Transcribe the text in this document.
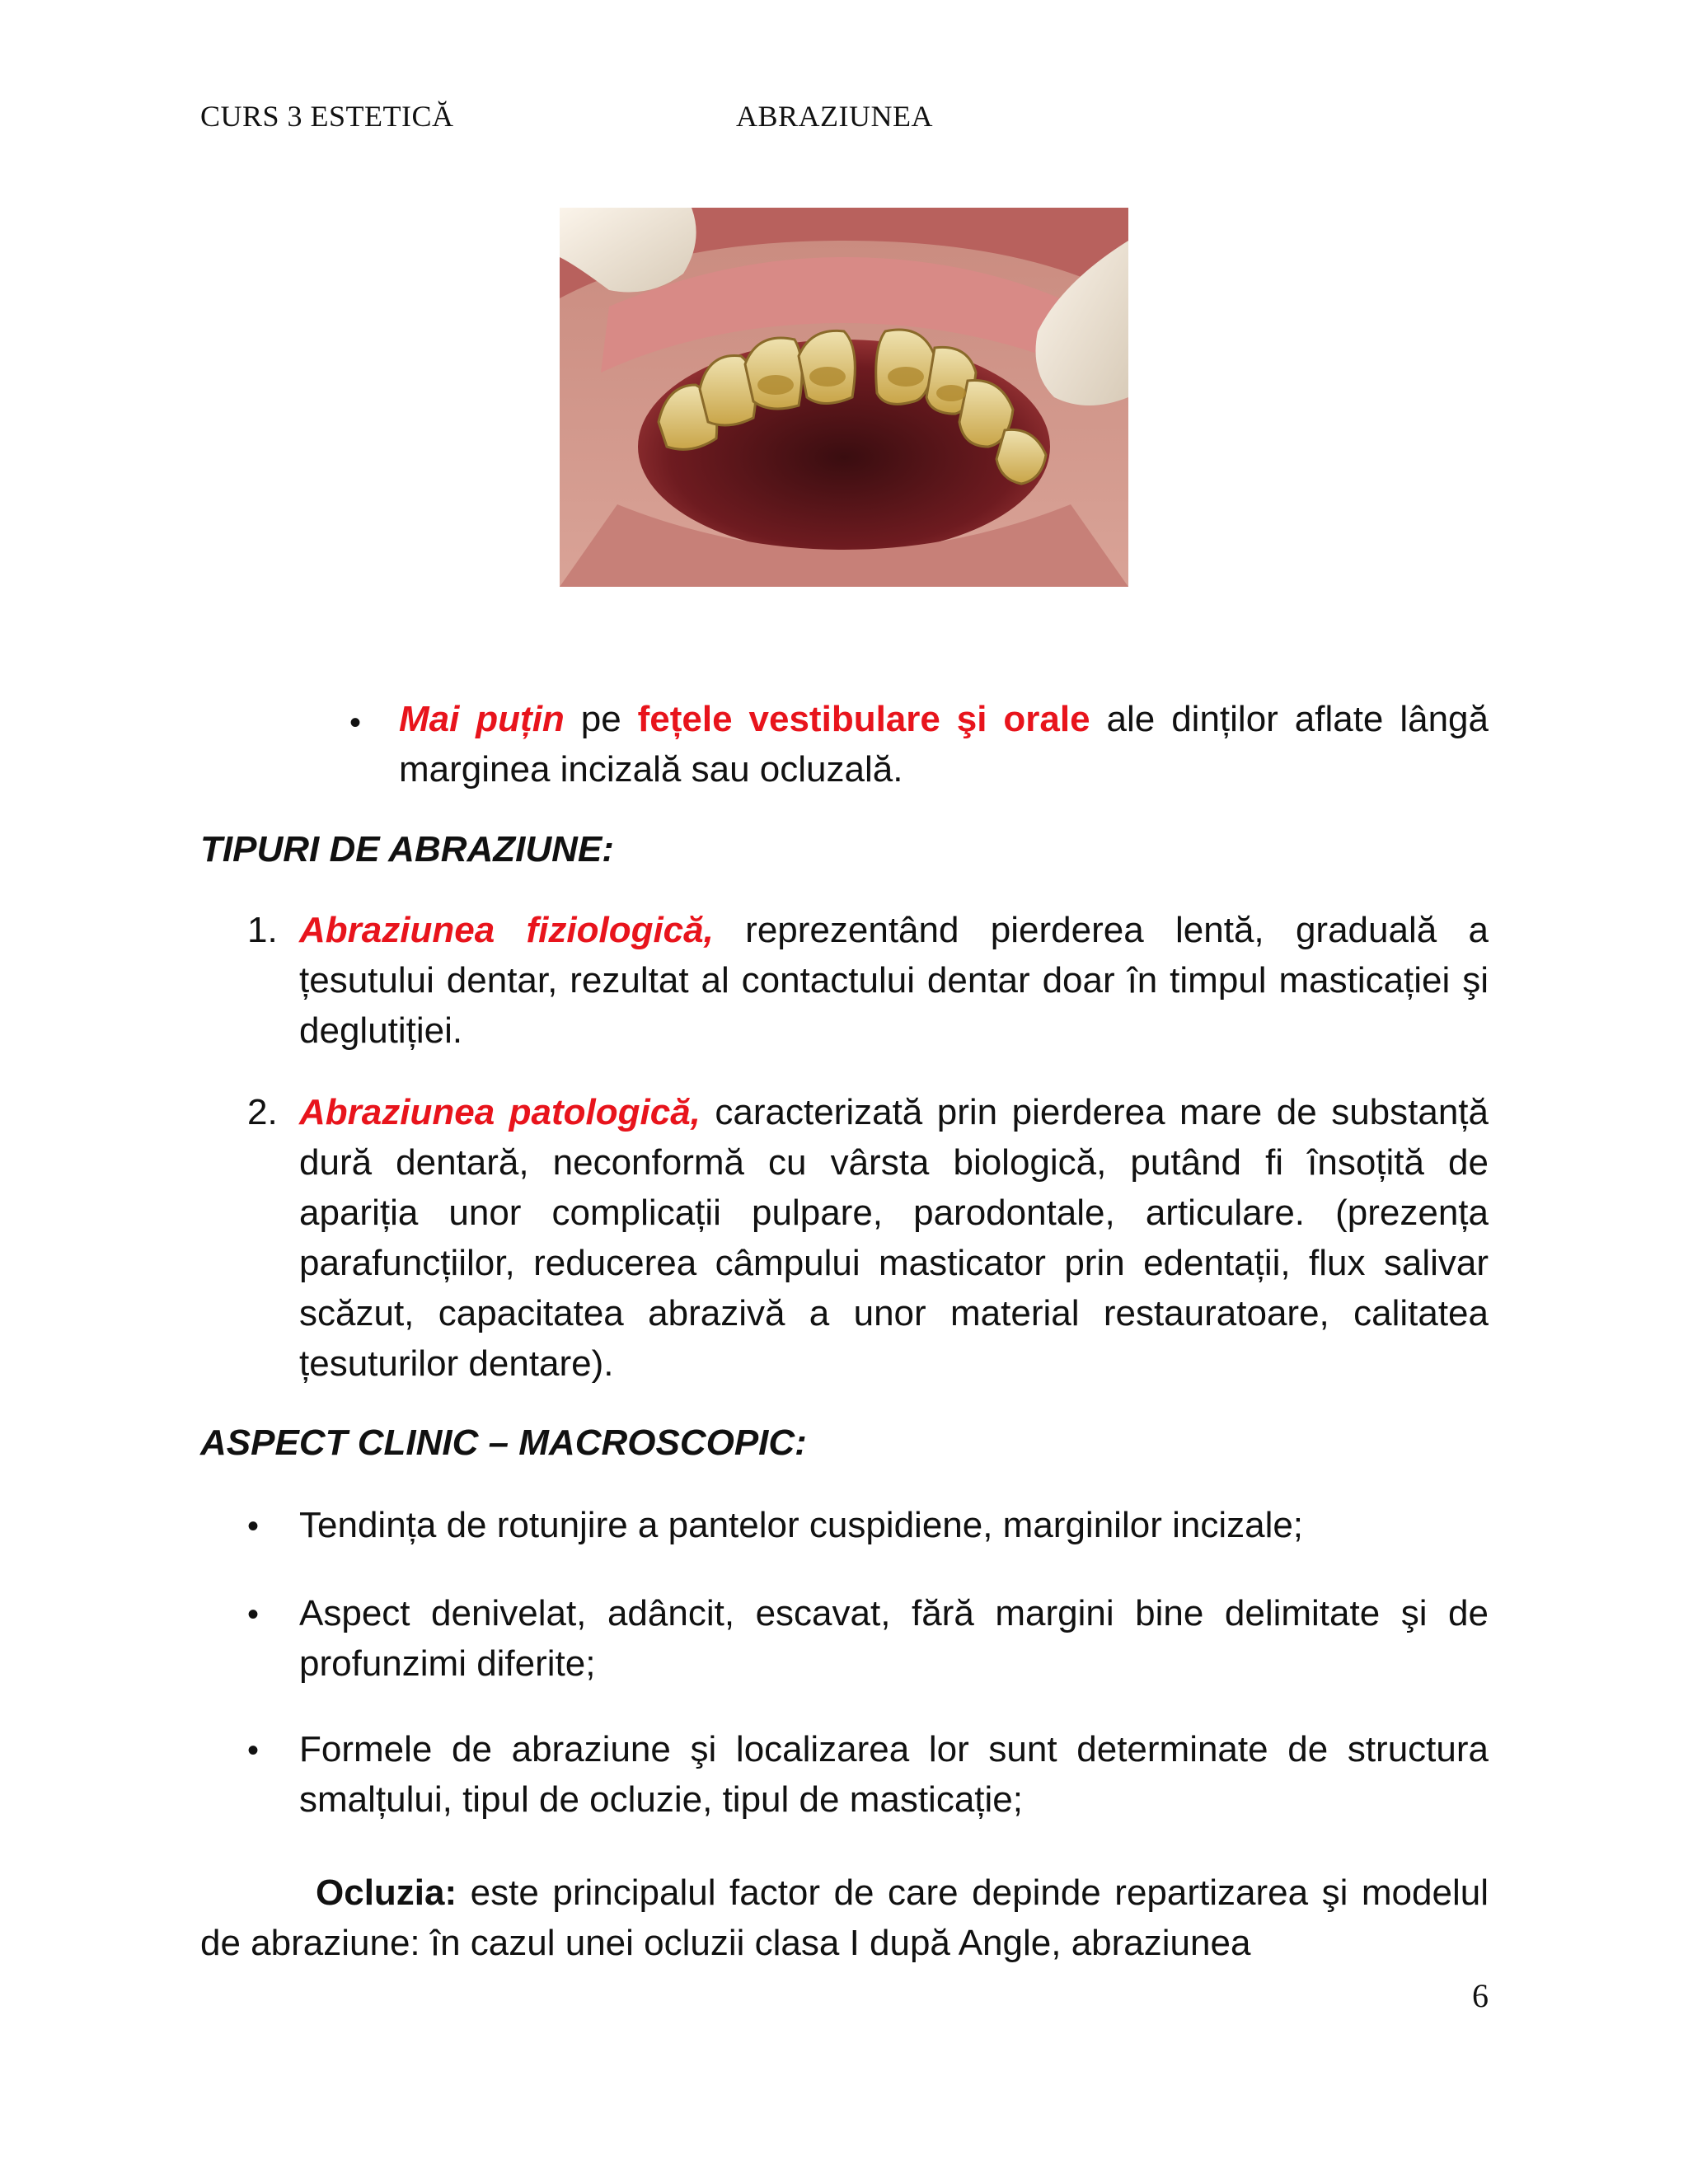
CURS 3 ESTETICĂ	ABRAZIUNEA
• Mai puțin pe fețele vestibulare şi orale ale dinților aflate lângă marginea incizală sau ocluzală.
TIPURI DE ABRAZIUNE:
1. Abraziunea fiziologică, reprezentând pierderea lentă, graduală a țesutului dentar, rezultat al contactului dentar doar în timpul masticației şi deglutiției.
2. Abraziunea patologică, caracterizată prin pierderea mare de substanță dură dentară, neconformă cu vârsta biologică, putând fi însoțită de apariția unor complicații pulpare, parodontale, articulare. (prezența parafuncțiilor, reducerea câmpului masticator prin edentații, flux salivar scăzut, capacitatea abrazivă a unor material restauratoare, calitatea țesuturilor dentare).
ASPECT CLINIC – MACROSCOPIC:
• Tendința de rotunjire a pantelor cuspidiene, marginilor incizale;
• Aspect denivelat, adâncit, escavat, fără margini bine delimitate şi de profunzimi diferite;
• Formele de abraziune şi localizarea lor sunt determinate de structura smalțului, tipul de ocluzie, tipul de masticație;
Ocluzia: este principalul factor de care depinde repartizarea şi modelul de abraziune: în cazul unei ocluzii clasa I după Angle, abraziunea
6
